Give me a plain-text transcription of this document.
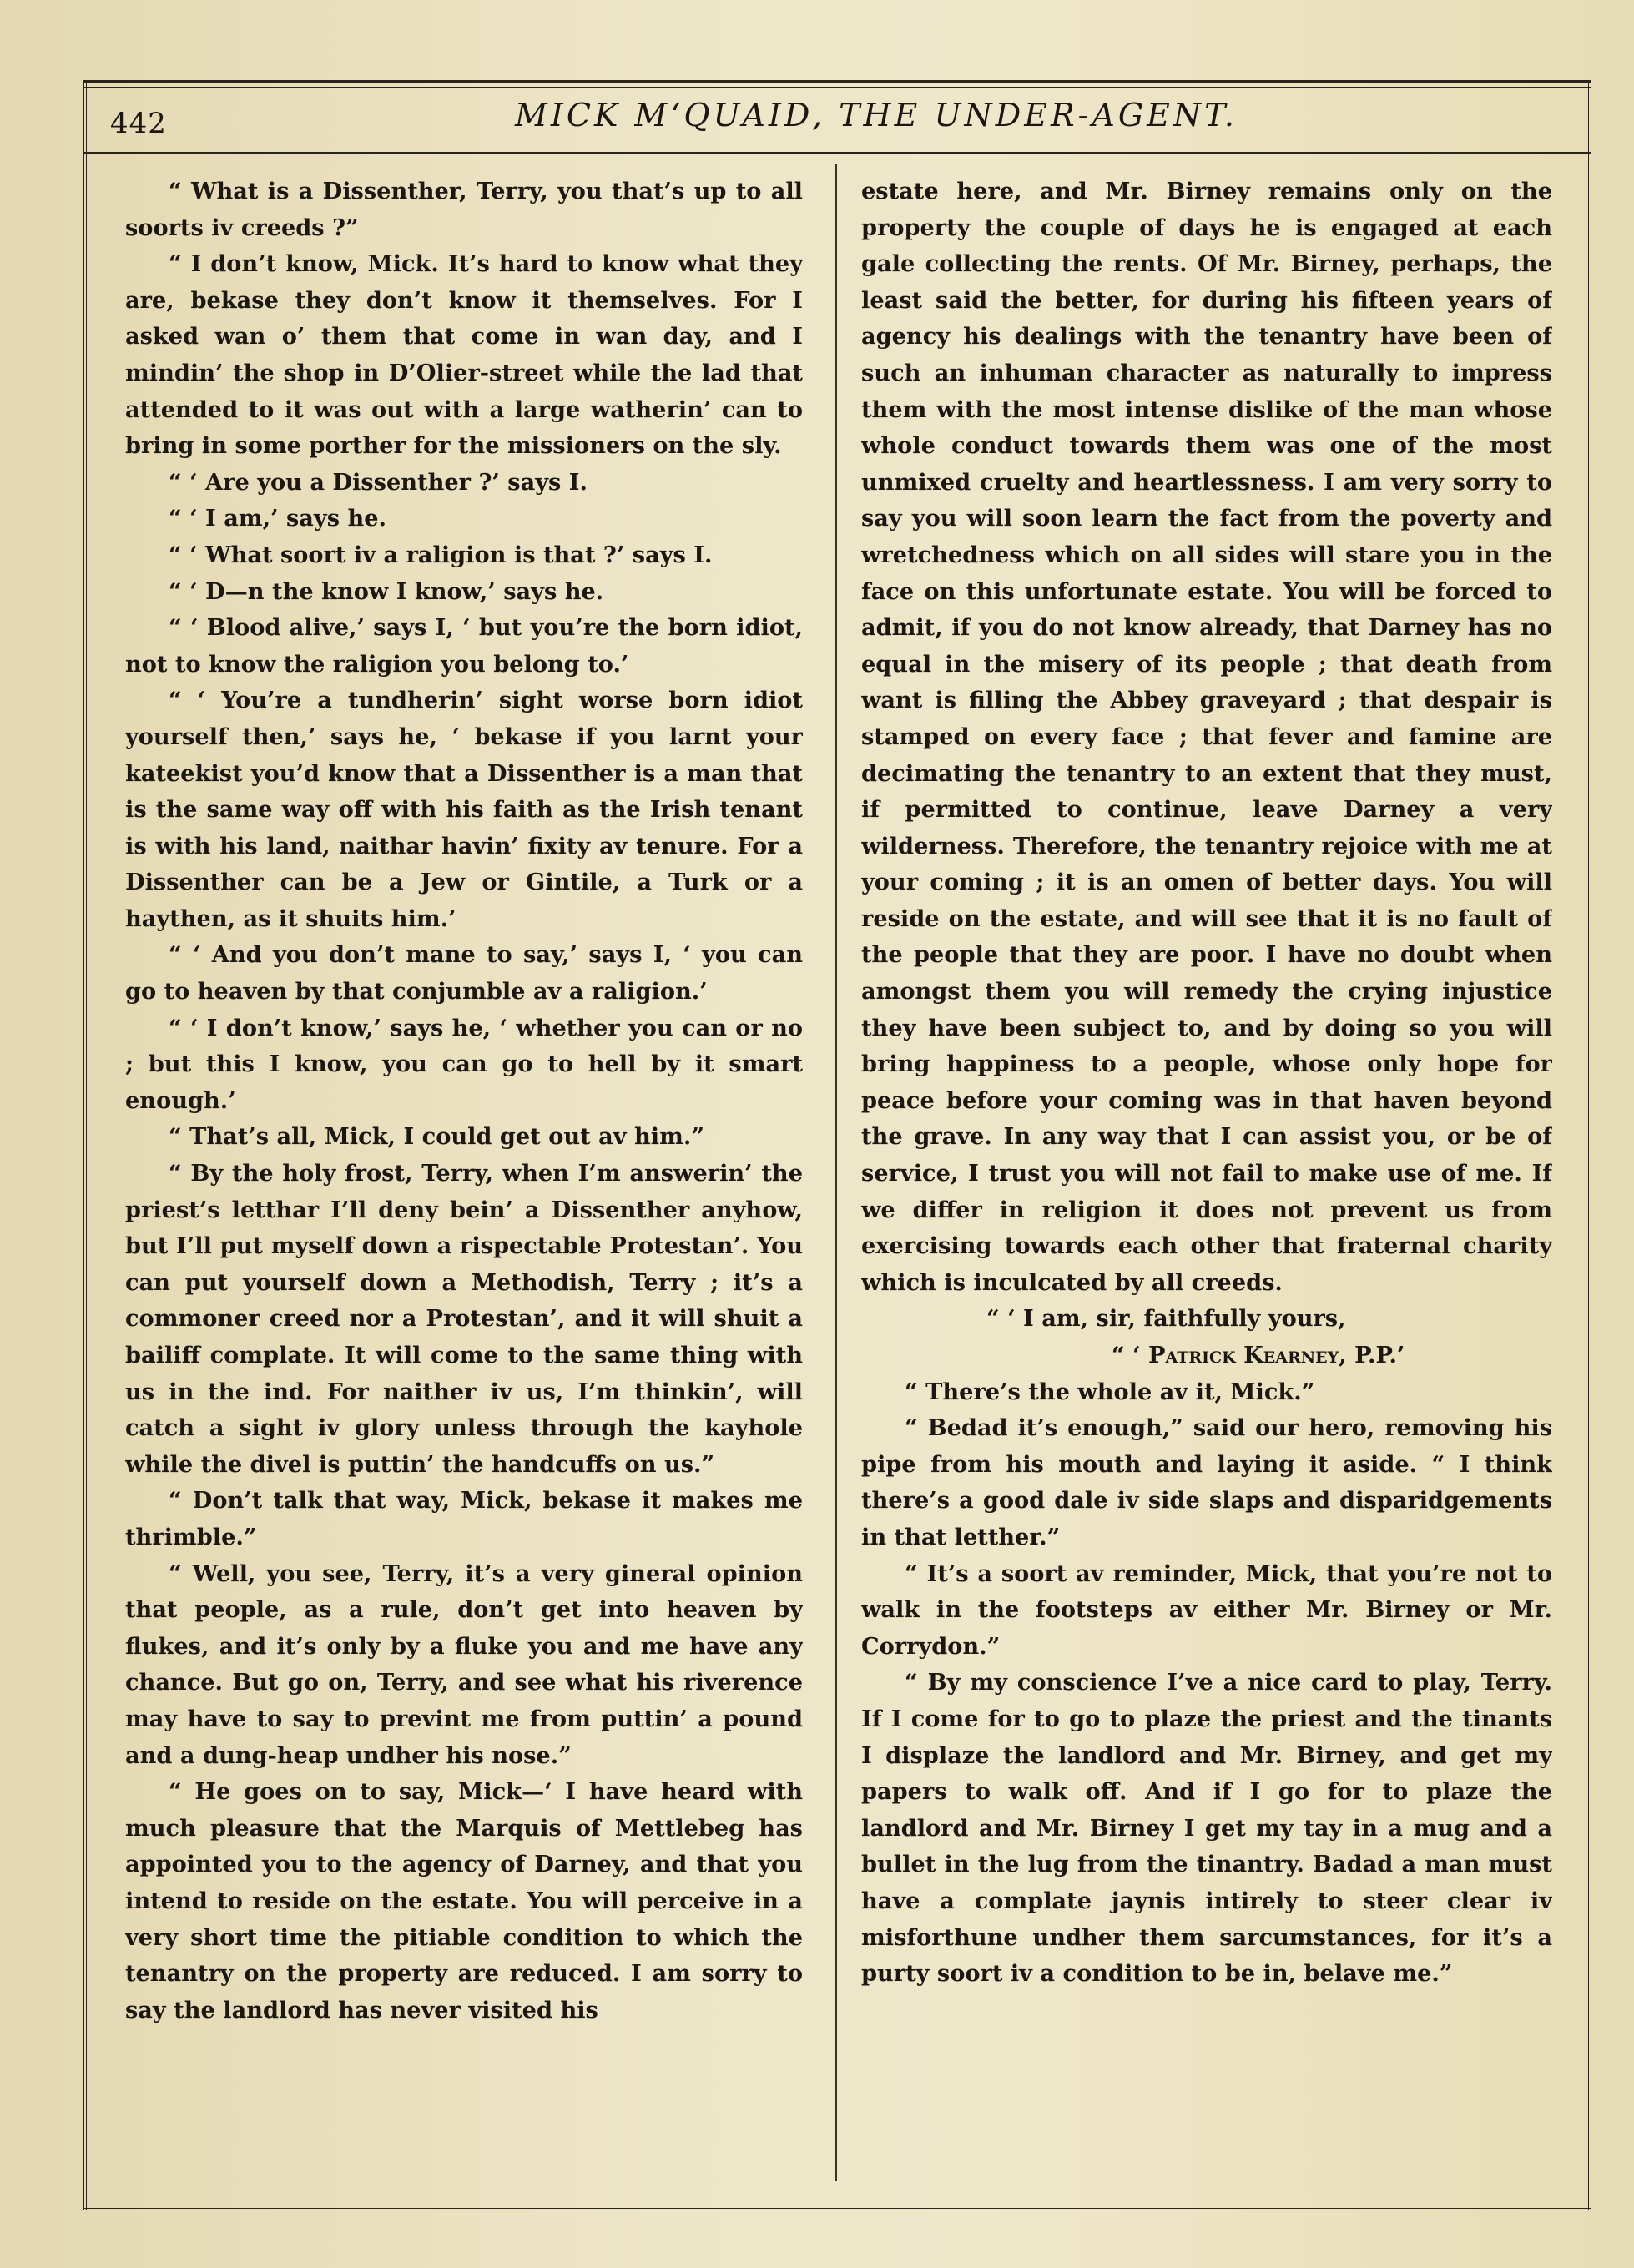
442	MICK M‘QUAID, THE UNDER-AGENT.

“ What is a Dissenther, Terry, you that’s up to all soorts iv creeds ?”

“ I don’t know, Mick. It’s hard to know what they are, bekase they don’t know it themselves. For I asked wan o’ them that come in wan day, and I mindin’ the shop in D’Olier-street while the lad that attended to it was out with a large watherin’ can to bring in some porther for the missioners on the sly.

“ ‘ Are you a Dissenther ?’ says I.

“ ‘ I am,’ says he.

“ ‘ What soort iv a raligion is that ?’ says I.

“ ‘ D—n the know I know,’ says he.

“ ‘ Blood alive,’ says I, ‘ but you’re the born idiot, not to know the raligion you belong to.’

“ ‘ You’re a tundherin’ sight worse born idiot yourself then,’ says he, ‘ bekase if you larnt your kateekist you’d know that a Dissenther is a man that is the same way off with his faith as the Irish tenant is with his land, naithar havin’ fixity av tenure. For a Dissenther can be a Jew or Gintile, a Turk or a haythen, as it shuits him.’

“ ‘ And you don’t mane to say,’ says I, ‘ you can go to heaven by that conjumble av a raligion.’

“ ‘ I don’t know,’ says he, ‘ whether you can or no ; but this I know, you can go to hell by it smart enough.’

“ That’s all, Mick, I could get out av him.”

“ By the holy frost, Terry, when I’m answerin’ the priest’s letthar I’ll deny bein’ a Dissenther anyhow, but I’ll put myself down a rispectable Protestan’. You can put yourself down a Methodish, Terry ; it’s a commoner creed nor a Protestan’, and it will shuit a bailiff complate. It will come to the same thing with us in the ind. For naither iv us, I’m thinkin’, will catch a sight iv glory unless through the kayhole while the divel is puttin’ the handcuffs on us.”

“ Don’t talk that way, Mick, bekase it makes me thrimble.”

“ Well, you see, Terry, it’s a very gineral opinion that people, as a rule, don’t get into heaven by flukes, and it’s only by a fluke you and me have any chance. But go on, Terry, and see what his riverence may have to say to prevint me from puttin’ a pound and a dung-heap undher his nose.”

“ He goes on to say, Mick—‘ I have heard with much pleasure that the Marquis of Mettlebeg has appointed you to the agency of Darney, and that you intend to reside on the estate. You will perceive in a very short time the pitiable condition to which the tenantry on the property are reduced. I am sorry to say the landlord has never visited his

estate here, and Mr. Birney remains only on the property the couple of days he is engaged at each gale collecting the rents. Of Mr. Birney, perhaps, the least said the better, for during his fifteen years of agency his dealings with the tenantry have been of such an inhuman character as naturally to impress them with the most intense dislike of the man whose whole conduct towards them was one of the most unmixed cruelty and heartlessness. I am very sorry to say you will soon learn the fact from the poverty and wretchedness which on all sides will stare you in the face on this unfortunate estate. You will be forced to admit, if you do not know already, that Darney has no equal in the misery of its people ; that death from want is filling the Abbey graveyard ; that despair is stamped on every face ; that fever and famine are decimating the tenantry to an extent that they must, if permitted to continue, leave Darney a very wilderness. Therefore, the tenantry rejoice with me at your coming ; it is an omen of better days. You will reside on the estate, and will see that it is no fault of the people that they are poor. I have no doubt when amongst them you will remedy the crying injustice they have been subject to, and by doing so you will bring happiness to a people, whose only hope for peace before your coming was in that haven beyond the grave. In any way that I can assist you, or be of service, I trust you will not fail to make use of me. If we differ in religion it does not prevent us from exercising towards each other that fraternal charity which is inculcated by all creeds.

“ ‘ I am, sir, faithfully yours,

“ ‘ Patrick Kearney, P.P.’

“ There’s the whole av it, Mick.”

“ Bedad it’s enough,” said our hero, removing his pipe from his mouth and laying it aside. “ I think there’s a good dale iv side slaps and disparidgements in that letther.”

“ It’s a soort av reminder, Mick, that you’re not to walk in the footsteps av either Mr. Birney or Mr. Corrydon.”

“ By my conscience I’ve a nice card to play, Terry. If I come for to go to plaze the priest and the tinants I displaze the landlord and Mr. Birney, and get my papers to walk off. And if I go for to plaze the landlord and Mr. Birney I get my tay in a mug and a bullet in the lug from the tinantry. Badad a man must have a complate jaynis intirely to steer clear iv misforthune undher them sarcumstances, for it’s a purty soort iv a condition to be in, belave me.”
